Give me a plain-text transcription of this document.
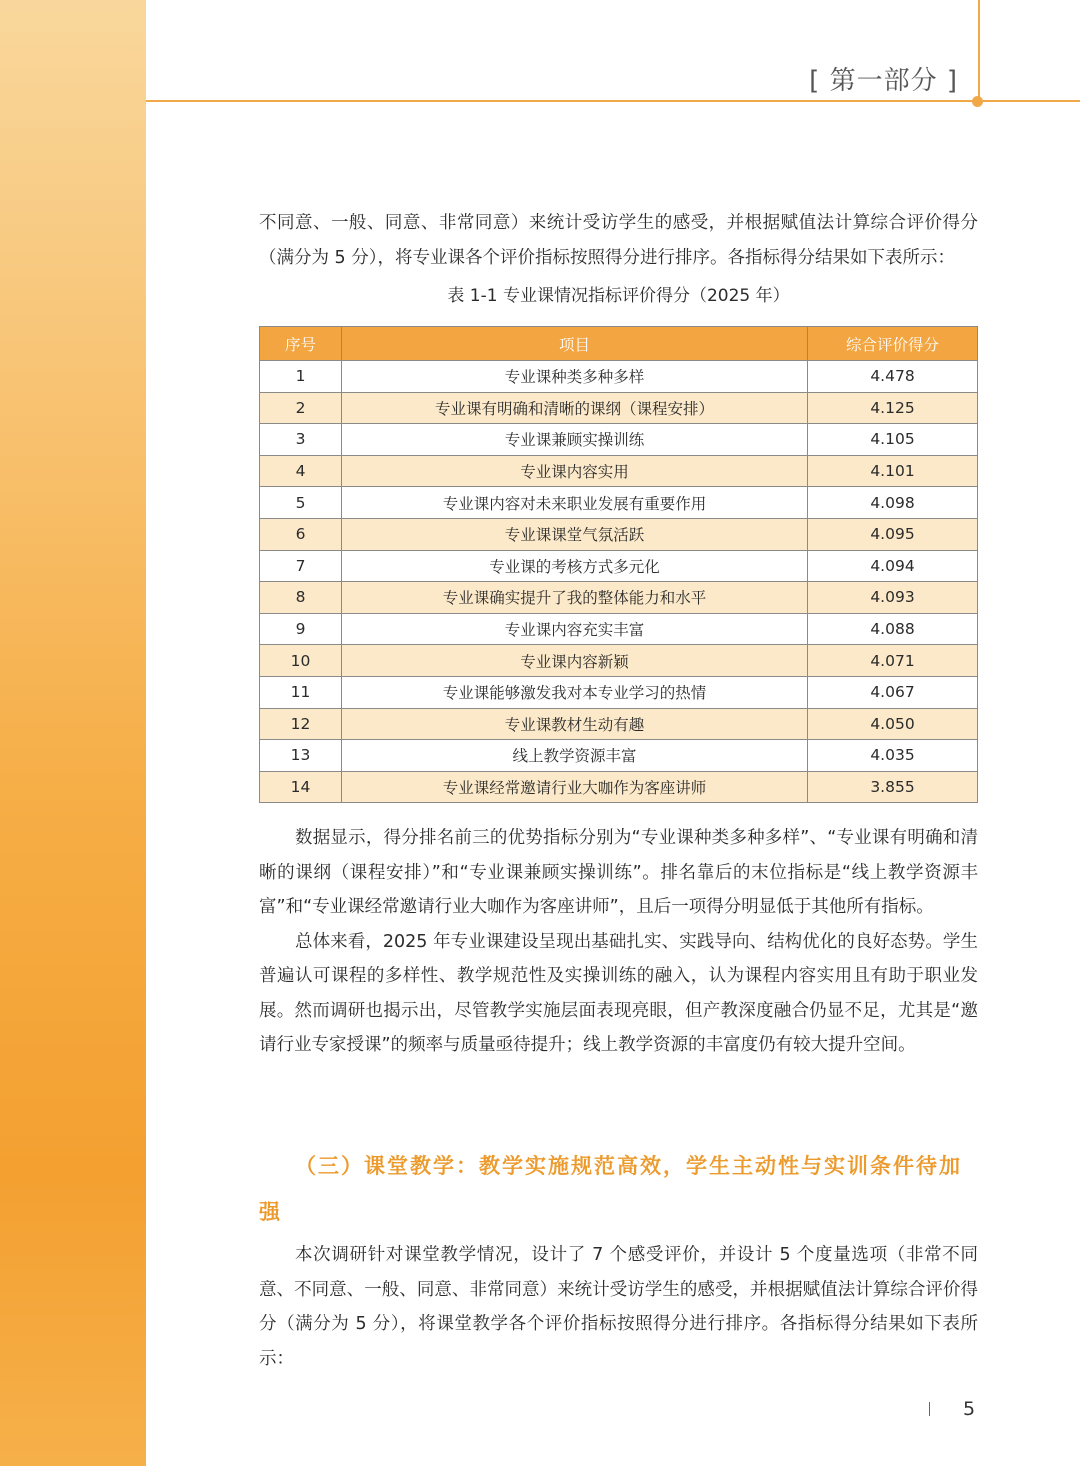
[ 第一部分 ]

不同意、一般、同意、非常同意）来统计受访学生的感受，并根据赋值法计算综合评价得分（满分为 5 分），将专业课各个评价指标按照得分进行排序。各指标得分结果如下表所示：

表 1-1 专业课情况指标评价得分（2025 年）
序号	项目	综合评价得分
1	专业课种类多种多样	4.478
2	专业课有明确和清晰的课纲（课程安排）	4.125
3	专业课兼顾实操训练	4.105
4	专业课内容实用	4.101
5	专业课内容对未来职业发展有重要作用	4.098
6	专业课课堂气氛活跃	4.095
7	专业课的考核方式多元化	4.094
8	专业课确实提升了我的整体能力和水平	4.093
9	专业课内容充实丰富	4.088
10	专业课内容新颖	4.071
11	专业课能够激发我对本专业学习的热情	4.067
12	专业课教材生动有趣	4.050
13	线上教学资源丰富	4.035
14	专业课经常邀请行业大咖作为客座讲师	3.855

数据显示，得分排名前三的优势指标分别为“专业课种类多种多样”、“专业课有明确和清晰的课纲（课程安排）”和“专业课兼顾实操训练”。排名靠后的末位指标是“线上教学资源丰富”和“专业课经常邀请行业大咖作为客座讲师”，且后一项得分明显低于其他所有指标。

总体来看，2025 年专业课建设呈现出基础扎实、实践导向、结构优化的良好态势。学生普遍认可课程的多样性、教学规范性及实操训练的融入，认为课程内容实用且有助于职业发展。然而调研也揭示出，尽管教学实施层面表现亮眼，但产教深度融合仍显不足，尤其是“邀请行业专家授课”的频率与质量亟待提升；线上教学资源的丰富度仍有较大提升空间。

（三）课堂教学：教学实施规范高效，学生主动性与实训条件待加强

本次调研针对课堂教学情况，设计了 7 个感受评价，并设计 5 个度量选项（非常不同意、不同意、一般、同意、非常同意）来统计受访学生的感受，并根据赋值法计算综合评价得分（满分为 5 分），将课堂教学各个评价指标按照得分进行排序。各指标得分结果如下表所示：

5
